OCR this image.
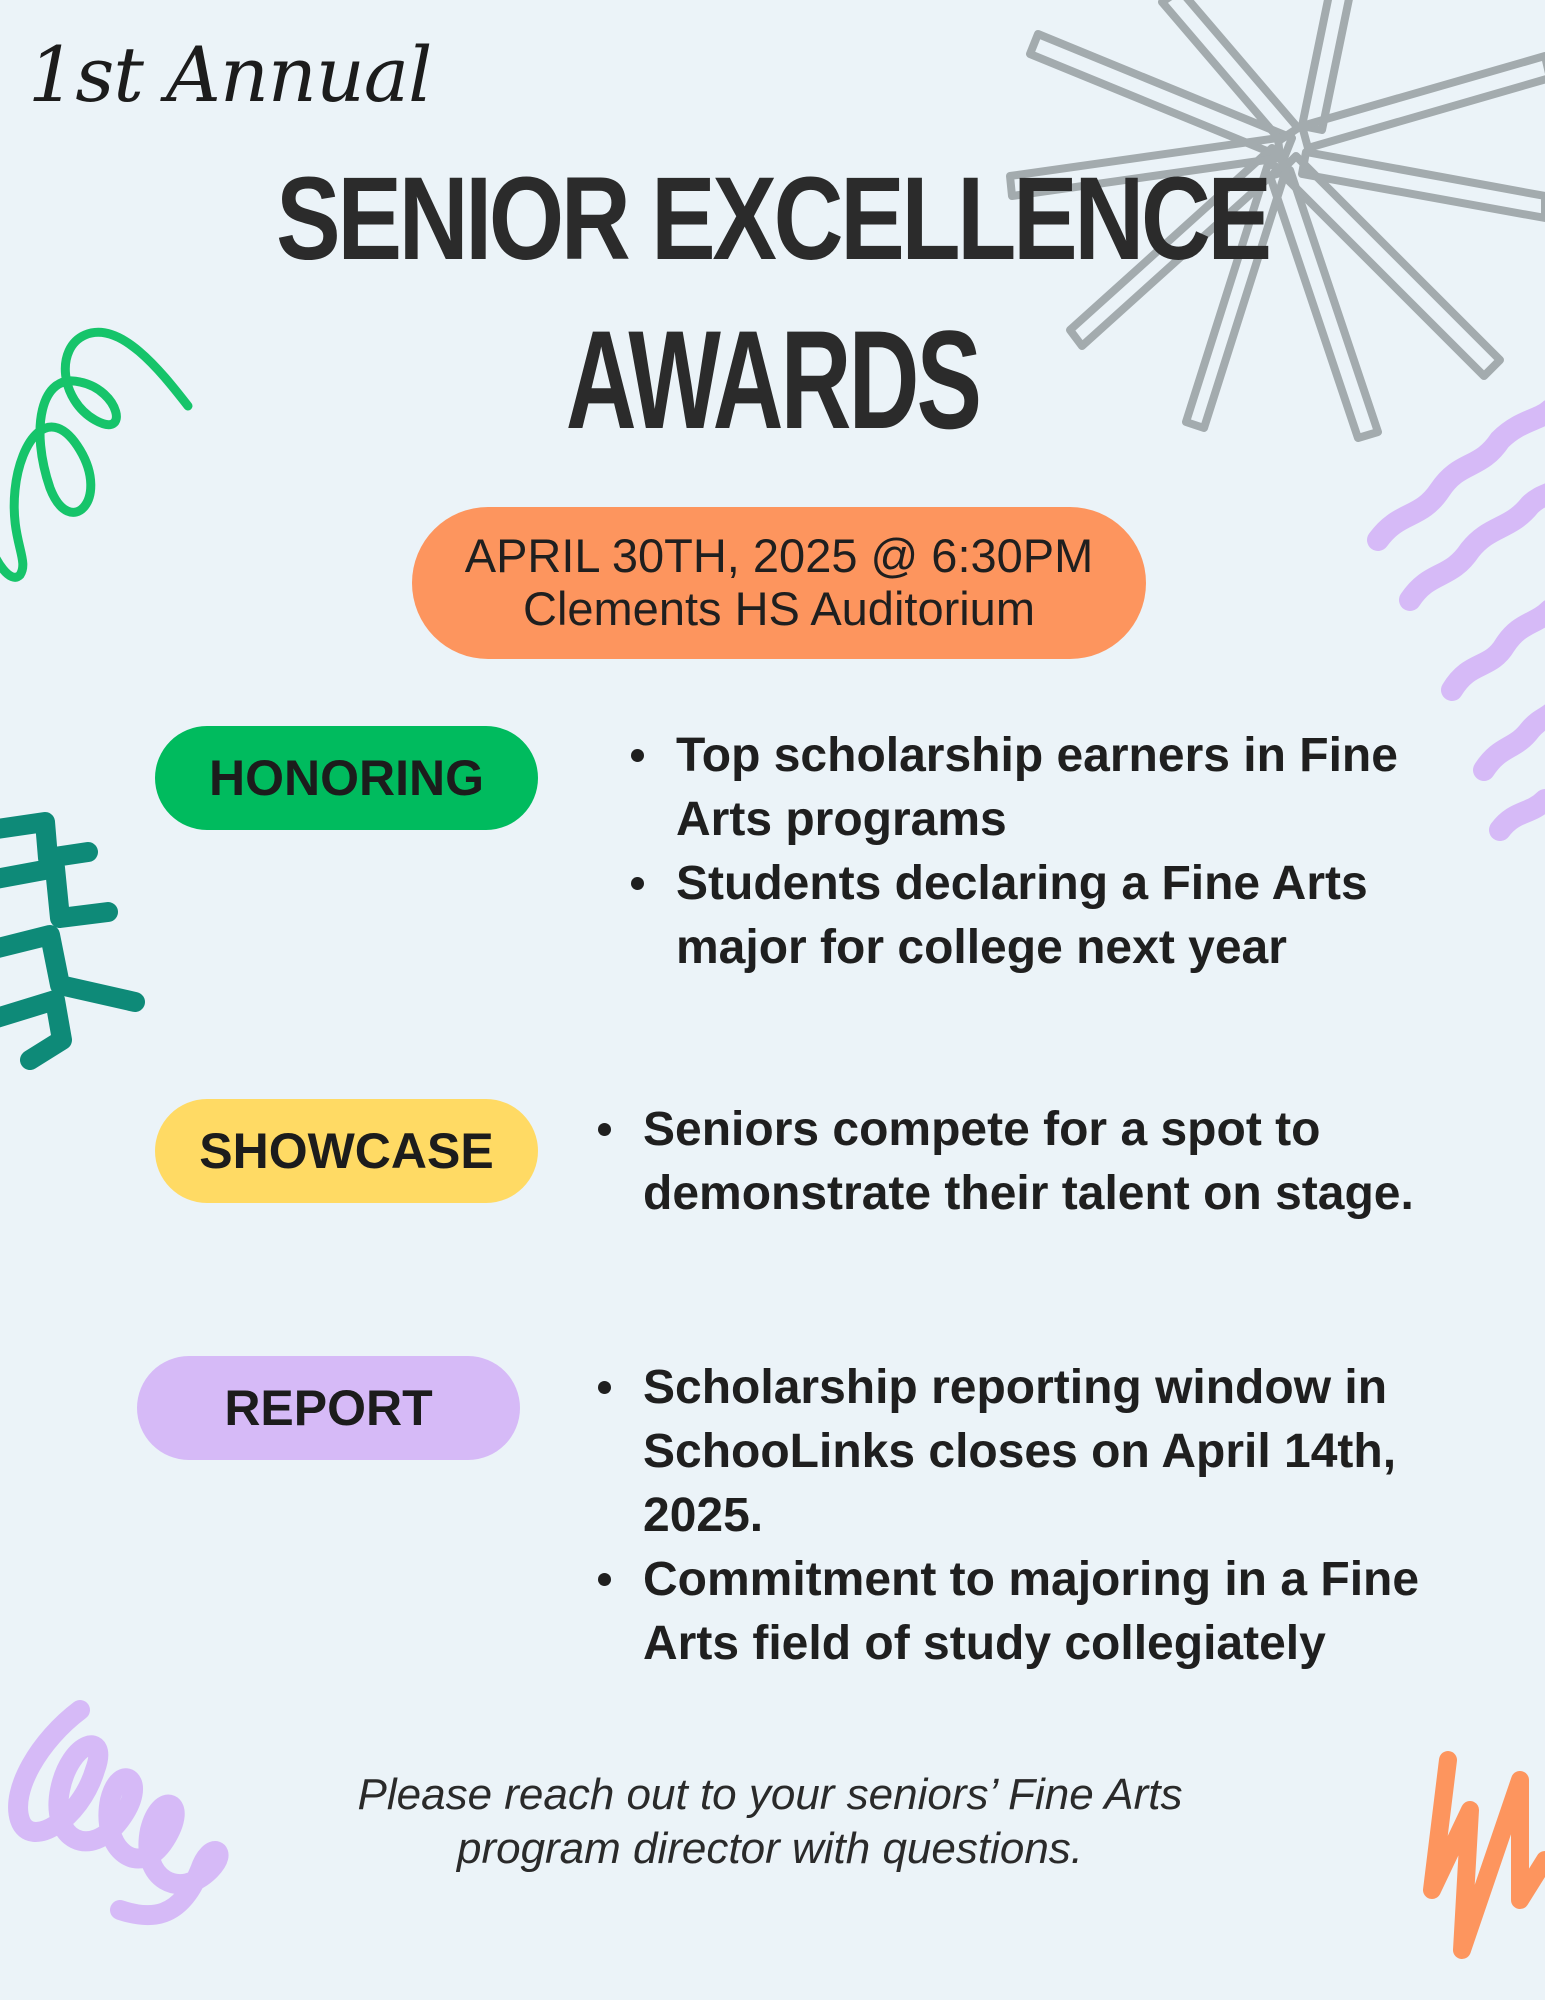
1st Annual
SENIOR EXCELLENCE
AWARDS
APRIL 30TH, 2025 @ 6:30PM
Clements HS Auditorium
HONORING	Top scholarship earners in Fine Arts programs
Students declaring a Fine Arts major for college next year
SHOWCASE	Seniors compete for a spot to demonstrate their talent on stage.
REPORT	Scholarship reporting window in SchooLinks closes on April 14th, 2025.
Commitment to majoring in a Fine Arts field of study collegiately
Please reach out to your seniors’ Fine Arts
program director with questions.
